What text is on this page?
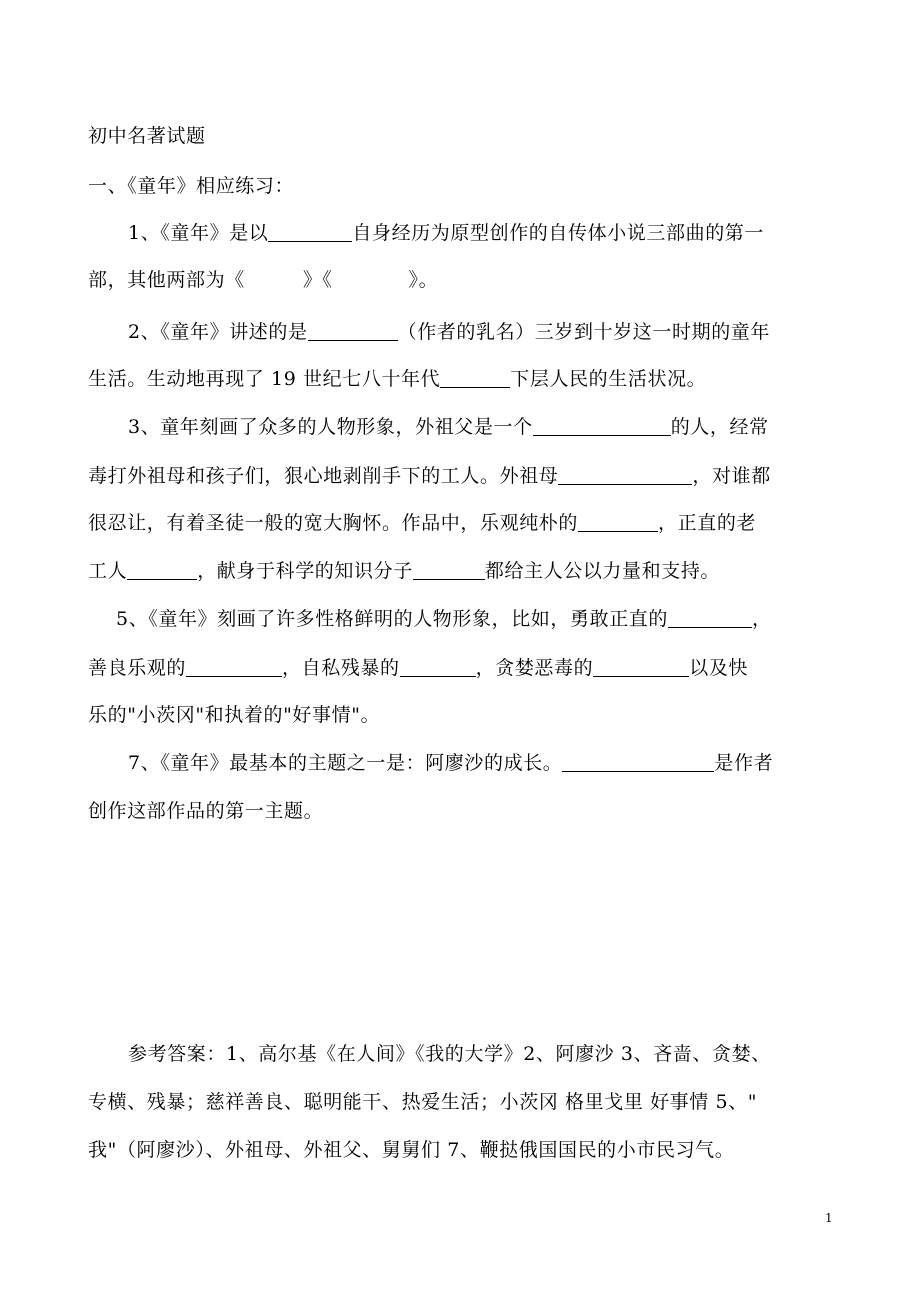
初中名著试题
一、《童年》相应练习：
1、《童年》是以	自身经历为原型创作的自传体小说三部曲的第一
部，其他两部为《	》《	》。
2、《童年》讲述的是	（作者的乳名）三岁到十岁这一时期的童年
生活。生动地再现了 19 世纪七八十年代	下层人民的生活状况。
3、童年刻画了众多的人物形象，外祖父是一个	的人，经常
毒打外祖母和孩子们，狠心地剥削手下的工人。外祖母	，对谁都
很忍让，有着圣徒一般的宽大胸怀。作品中，乐观纯朴的	，正直的老
工人	，献身于科学的知识分子	都给主人公以力量和支持。
5、《童年》刻画了许多性格鲜明的人物形象，比如，勇敢正直的	，
善良乐观的	，自私残暴的	，贪婪恶毒的	以及快
乐的"小茨冈"和执着的"好事情"。
7、《童年》最基本的主题之一是：阿廖沙的成长。	是作者
创作这部作品的第一主题。
参考答案：1、高尔基《在人间》《我的大学》2、阿廖沙 3、吝啬、贪婪、
专横、残暴；慈祥善良、聪明能干、热爱生活；小茨冈 格里戈里 好事情 5、"
我"（阿廖沙）、外祖母、外祖父、舅舅们 7、鞭挞俄国国民的小市民习气。
1
